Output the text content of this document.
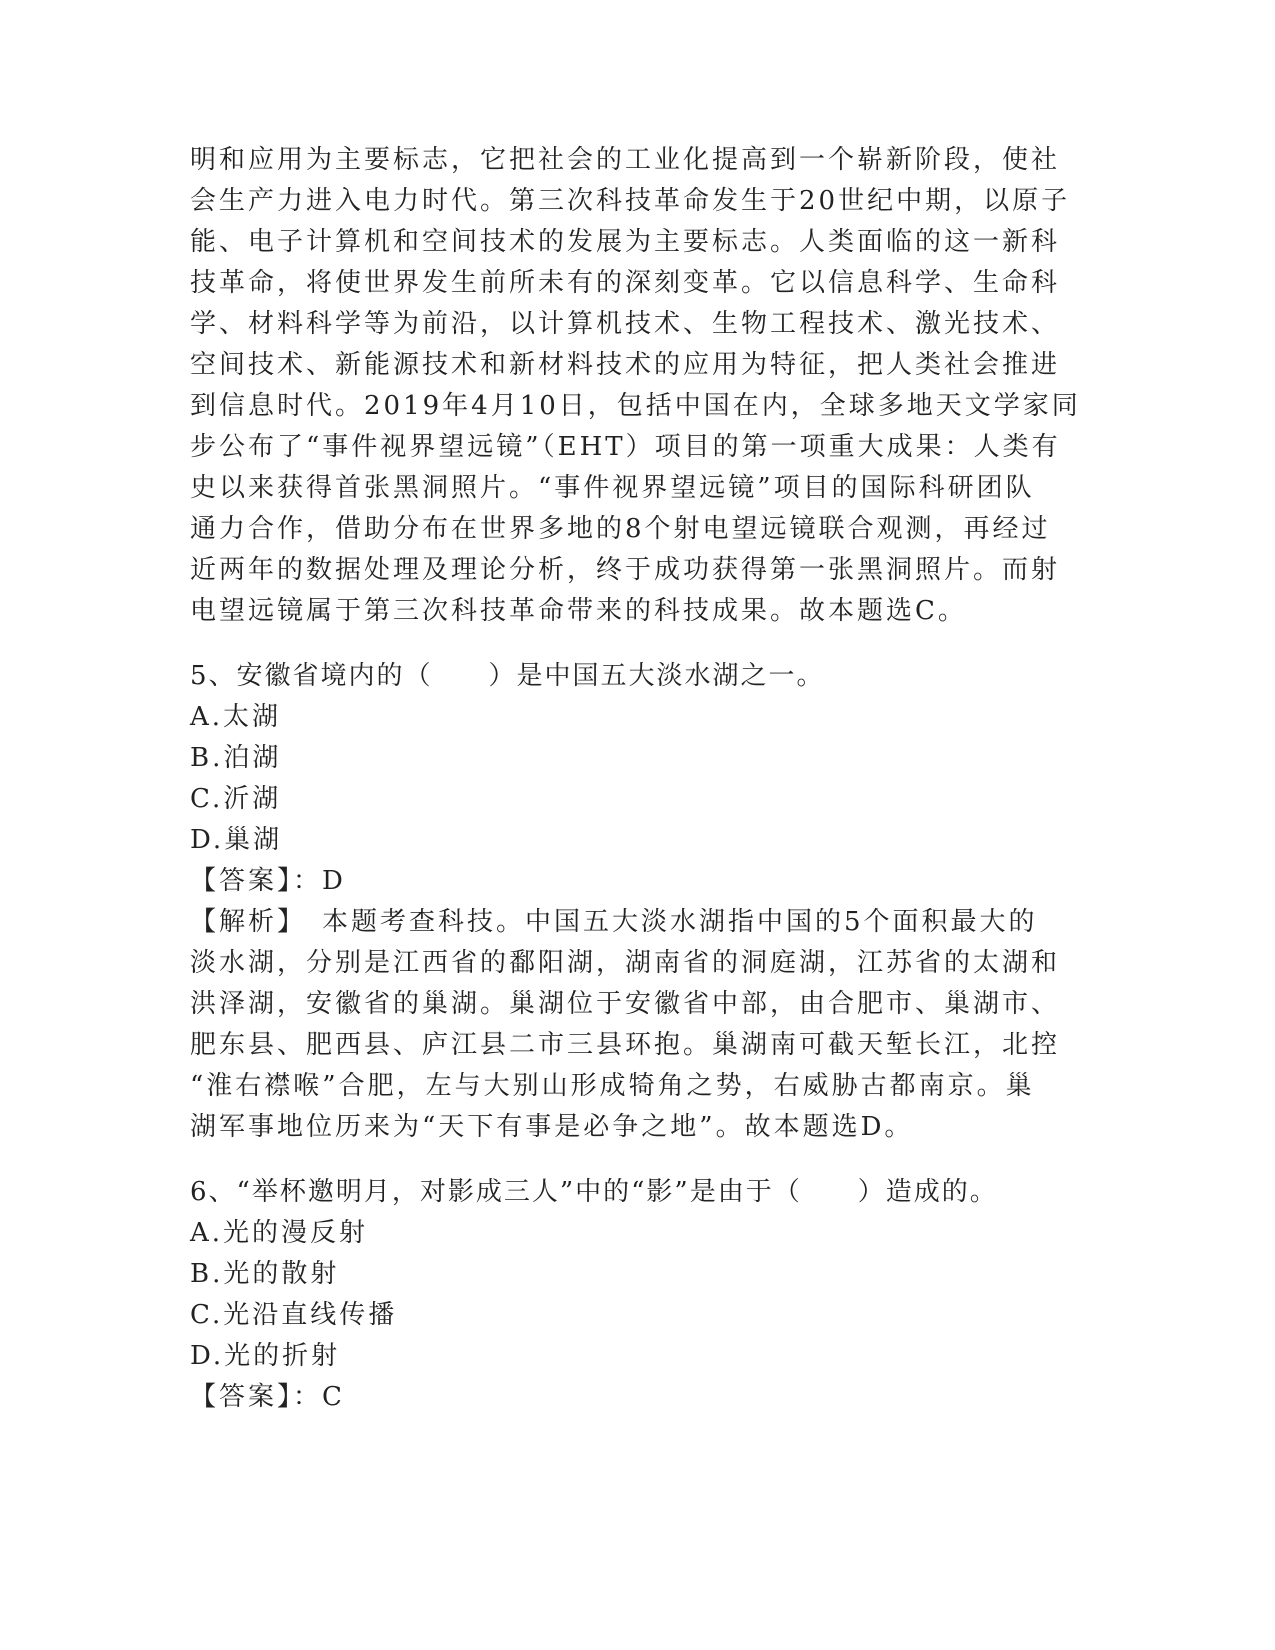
明和应用为主要标志，它把社会的工业化提高到一个崭新阶段，使社
会生产力进入电力时代。第三次科技革命发生于20世纪中期，以原子
能、电子计算机和空间技术的发展为主要标志。人类面临的这一新科
技革命，将使世界发生前所未有的深刻变革。它以信息科学、生命科
学、材料科学等为前沿，以计算机技术、生物工程技术、激光技术、
空间技术、新能源技术和新材料技术的应用为特征，把人类社会推进
到信息时代。2019年4月10日，包括中国在内，全球多地天文学家同
步公布了“事件视界望远镜”（EHT）项目的第一项重大成果：人类有
史以来获得首张黑洞照片。“事件视界望远镜”项目的国际科研团队
通力合作，借助分布在世界多地的8个射电望远镜联合观测，再经过
近两年的数据处理及理论分析，终于成功获得第一张黑洞照片。而射
电望远镜属于第三次科技革命带来的科技成果。故本题选C。
5、安徽省境内的（　　）是中国五大淡水湖之一。
A.太湖
B.泊湖
C.沂湖
D.巢湖
【答案】：D
【解析】　本题考查科技。中国五大淡水湖指中国的5个面积最大的
淡水湖，分别是江西省的鄱阳湖，湖南省的洞庭湖，江苏省的太湖和
洪泽湖，安徽省的巢湖。巢湖位于安徽省中部，由合肥市、巢湖市、
肥东县、肥西县、庐江县二市三县环抱。巢湖南可截天堑长江，北控
“淮右襟喉”合肥，左与大别山形成犄角之势，右威胁古都南京。巢
湖军事地位历来为“天下有事是必争之地”。故本题选D。
6、“举杯邀明月，对影成三人”中的“影”是由于（　　）造成的。
A.光的漫反射
B.光的散射
C.光沿直线传播
D.光的折射
【答案】：C
